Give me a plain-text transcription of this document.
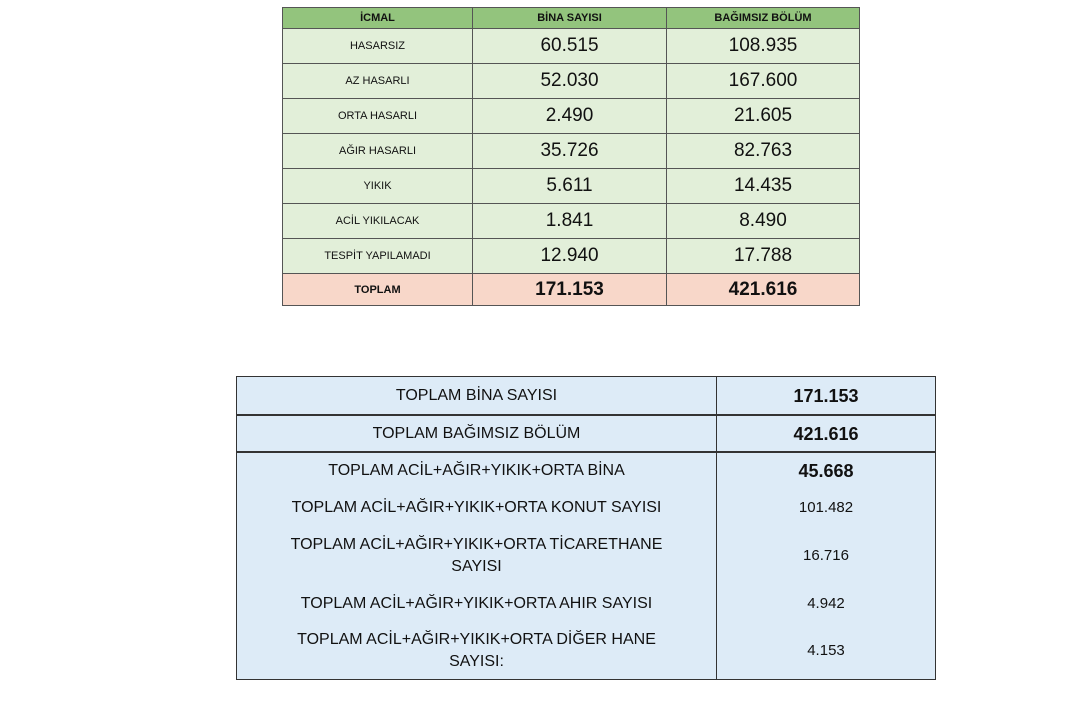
İCMAL	BİNA SAYISI	BAĞIMSIZ BÖLÜM
HASARSIZ	60.515	108.935
AZ HASARLI	52.030	167.600
ORTA HASARLI	2.490	21.605
AĞIR HASARLI	35.726	82.763
YIKIK	5.611	14.435
ACİL YIKILACAK	1.841	8.490
TESPİT YAPILAMADI	12.940	17.788
TOPLAM	171.153	421.616
TOPLAM BİNA SAYISI	171.153
TOPLAM BAĞIMSIZ BÖLÜM	421.616
TOPLAM ACİL+AĞIR+YIKIK+ORTA BİNA	45.668
TOPLAM ACİL+AĞIR+YIKIK+ORTA KONUT SAYISI	101.482
TOPLAM ACİL+AĞIR+YIKIK+ORTA TİCARETHANE SAYISI	16.716
TOPLAM ACİL+AĞIR+YIKIK+ORTA AHIR SAYISI	4.942
TOPLAM ACİL+AĞIR+YIKIK+ORTA DİĞER HANE SAYISI:	4.153
